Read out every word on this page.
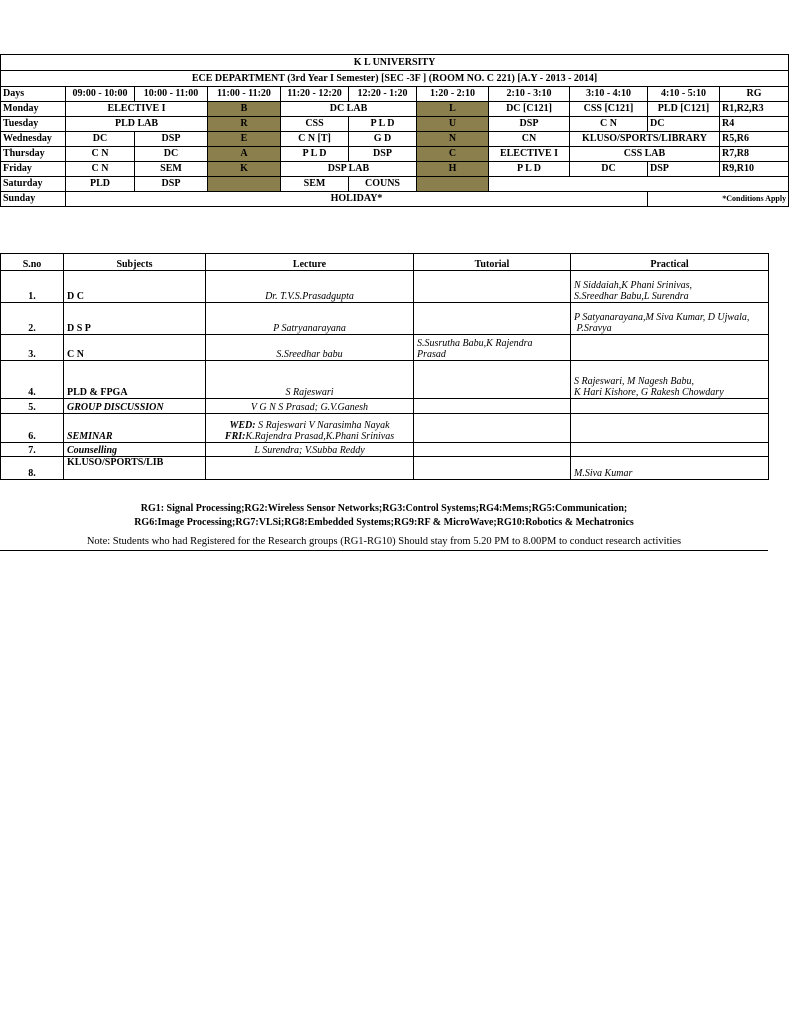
K L UNIVERSITY										
ECE DEPARTMENT (3rd Year I Semester) [SEC -3F ] (ROOM NO. C 221) [A.Y - 2013 - 2014]										
Days	09:00 - 10:00	10:00 - 11:00	11:00 - 11:20	11:20 - 12:20	12:20 - 1:20	1:20 - 2:10	2:10 - 3:10	3:10 - 4:10	4:10 - 5:10	RG
Monday	ELECTIVE I		B	DC LAB		L	DC [C121]	CSS [C121]	PLD [C121]	R1,R2,R3
Tuesday	PLD LAB		R	CSS	P L D	U	DSP	C N	DC	R4
Wednesday	DC	DSP	E	C N [T]	G D	N	CN	KLUSO/SPORTS/LIBRARY		R5,R6
Thursday	C N	DC	A	P L D	DSP	C	ELECTIVE I	CSS LAB		R7,R8
Friday	C N	SEM	K	DSP LAB		H	P L D	DC	DSP	R9,R10
Saturday	PLD	DSP		SEM	COUNS					
Sunday	HOLIDAY*								*Conditions Apply	
S.no	Subjects	Lecture	Tutorial	Practical
1.	D C	Dr. T.V.S.Prasadgupta		N Siddaiah,K Phani Srinivas,
S.Sreedhar Babu,L Surendra

2.	D S P	P Satryanarayana		P Satyanarayana,M Siva Kumar, D Ujwala,
P.Sravya

3.	C N	S.Sreedhar babu	S.Susrutha Babu,K Rajendra
Prasad	

4.	PLD & FPGA	S Rajeswari		S Rajeswari, M Nagesh Babu,
K Hari Kishore, G Rakesh Chowdary

5.	GROUP DISCUSSION	V G N S Prasad; G.V.Ganesh		
6.	SEMINAR	WED: S Rajeswari V Narasimha Nayak
FRI:K.Rajendra Prasad,K.Phani Srinivas		

7.	Counselling	L Surendra; V.Subba Reddy		
8.	KLUSO/SPORTS/LIB			M.Siva Kumar
RG1: Signal Processing;RG2:Wireless Sensor Networks;RG3:Control Systems;RG4:Mems;RG5:Communication;
RG6:Image Processing;RG7:VLSi;RG8:Embedded Systems;RG9:RF & MicroWave;RG10:Robotics & Mechatronics
Note: Students who had Registered for the Research groups (RG1-RG10) Should stay from 5.20 PM to 8.00PM to conduct research activities
